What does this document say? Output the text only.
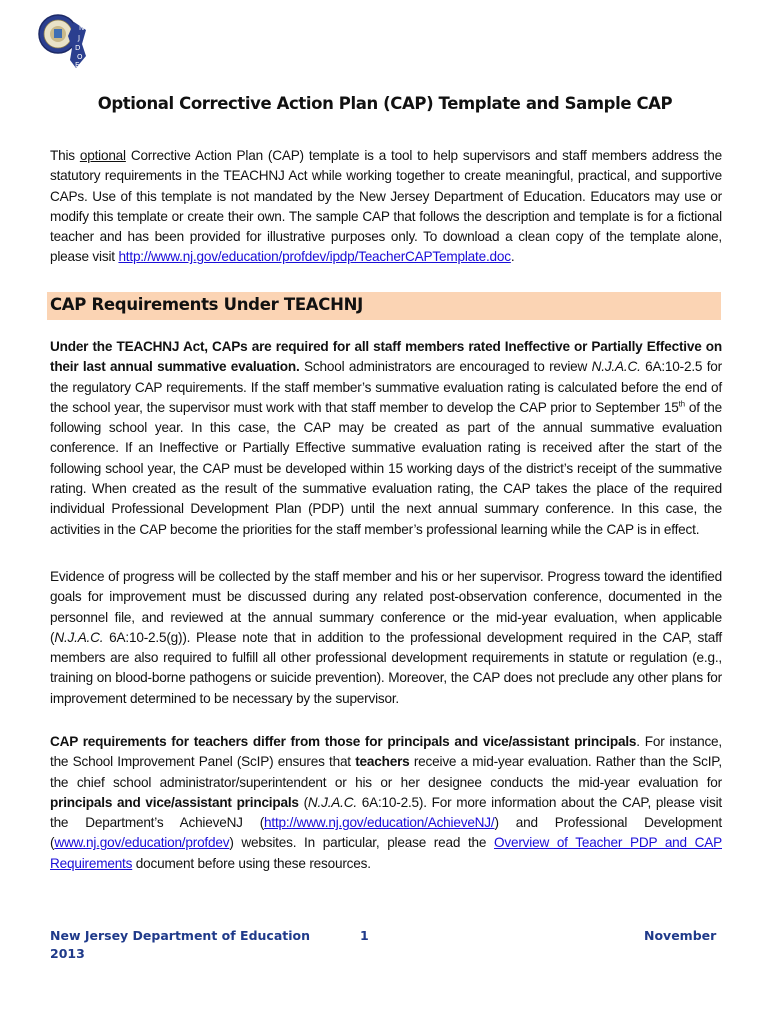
N
J
D
O
E
Optional Corrective Action Plan (CAP) Template and Sample CAP

This optional Corrective Action Plan (CAP) template is a tool to help supervisors and staff members address the statutory requirements in the TEACHNJ Act while working together to create meaningful, practical, and supportive CAPs. Use of this template is not mandated by the New Jersey Department of Education. Educators may use or modify this template or create their own. The sample CAP that follows the description and template is for a fictional teacher and has been provided for illustrative purposes only. To download a clean copy of the template alone, please visit http://www.nj.gov/education/profdev/ipdp/TeacherCAPTemplate.doc.

CAP Requirements Under TEACHNJ

Under the TEACHNJ Act, CAPs are required for all staff members rated Ineffective or Partially Effective on their last annual summative evaluation. School administrators are encouraged to review N.J.A.C. 6A:10-2.5 for the regulatory CAP requirements. If the staff member’s summative evaluation rating is calculated before the end of the school year, the supervisor must work with that staff member to develop the CAP prior to September 15th of the following school year. In this case, the CAP may be created as part of the annual summative evaluation conference. If an Ineffective or Partially Effective summative evaluation rating is received after the start of the following school year, the CAP must be developed within 15 working days of the district’s receipt of the summative rating. When created as the result of the summative evaluation rating, the CAP takes the place of the required individual Professional Development Plan (PDP) until the next annual summary conference. In this case, the activities in the CAP become the priorities for the staff member’s professional learning while the CAP is in effect.

Evidence of progress will be collected by the staff member and his or her supervisor. Progress toward the identified goals for improvement must be discussed during any related post-observation conference, documented in the personnel file, and reviewed at the annual summary conference or the mid-year evaluation, when applicable (N.J.A.C. 6A:10-2.5(g)). Please note that in addition to the professional development required in the CAP, staff members are also required to fulfill all other professional development requirements in statute or regulation (e.g., training on blood-borne pathogens or suicide prevention). Moreover, the CAP does not preclude any other plans for improvement determined to be necessary by the supervisor.

CAP requirements for teachers differ from those for principals and vice/assistant principals. For instance, the School Improvement Panel (ScIP) ensures that teachers receive a mid-year evaluation. Rather than the ScIP, the chief school administrator/superintendent or his or her designee conducts the mid-year evaluation for principals and vice/assistant principals (N.J.A.C. 6A:10-2.5). For more information about the CAP, please visit the Department’s AchieveNJ (http://www.nj.gov/education/AchieveNJ/) and Professional Development (www.nj.gov/education/profdev) websites. In particular, please read the Overview of Teacher PDP and CAP Requirements document before using these resources.

New Jersey Department of Education
2013
1	November
